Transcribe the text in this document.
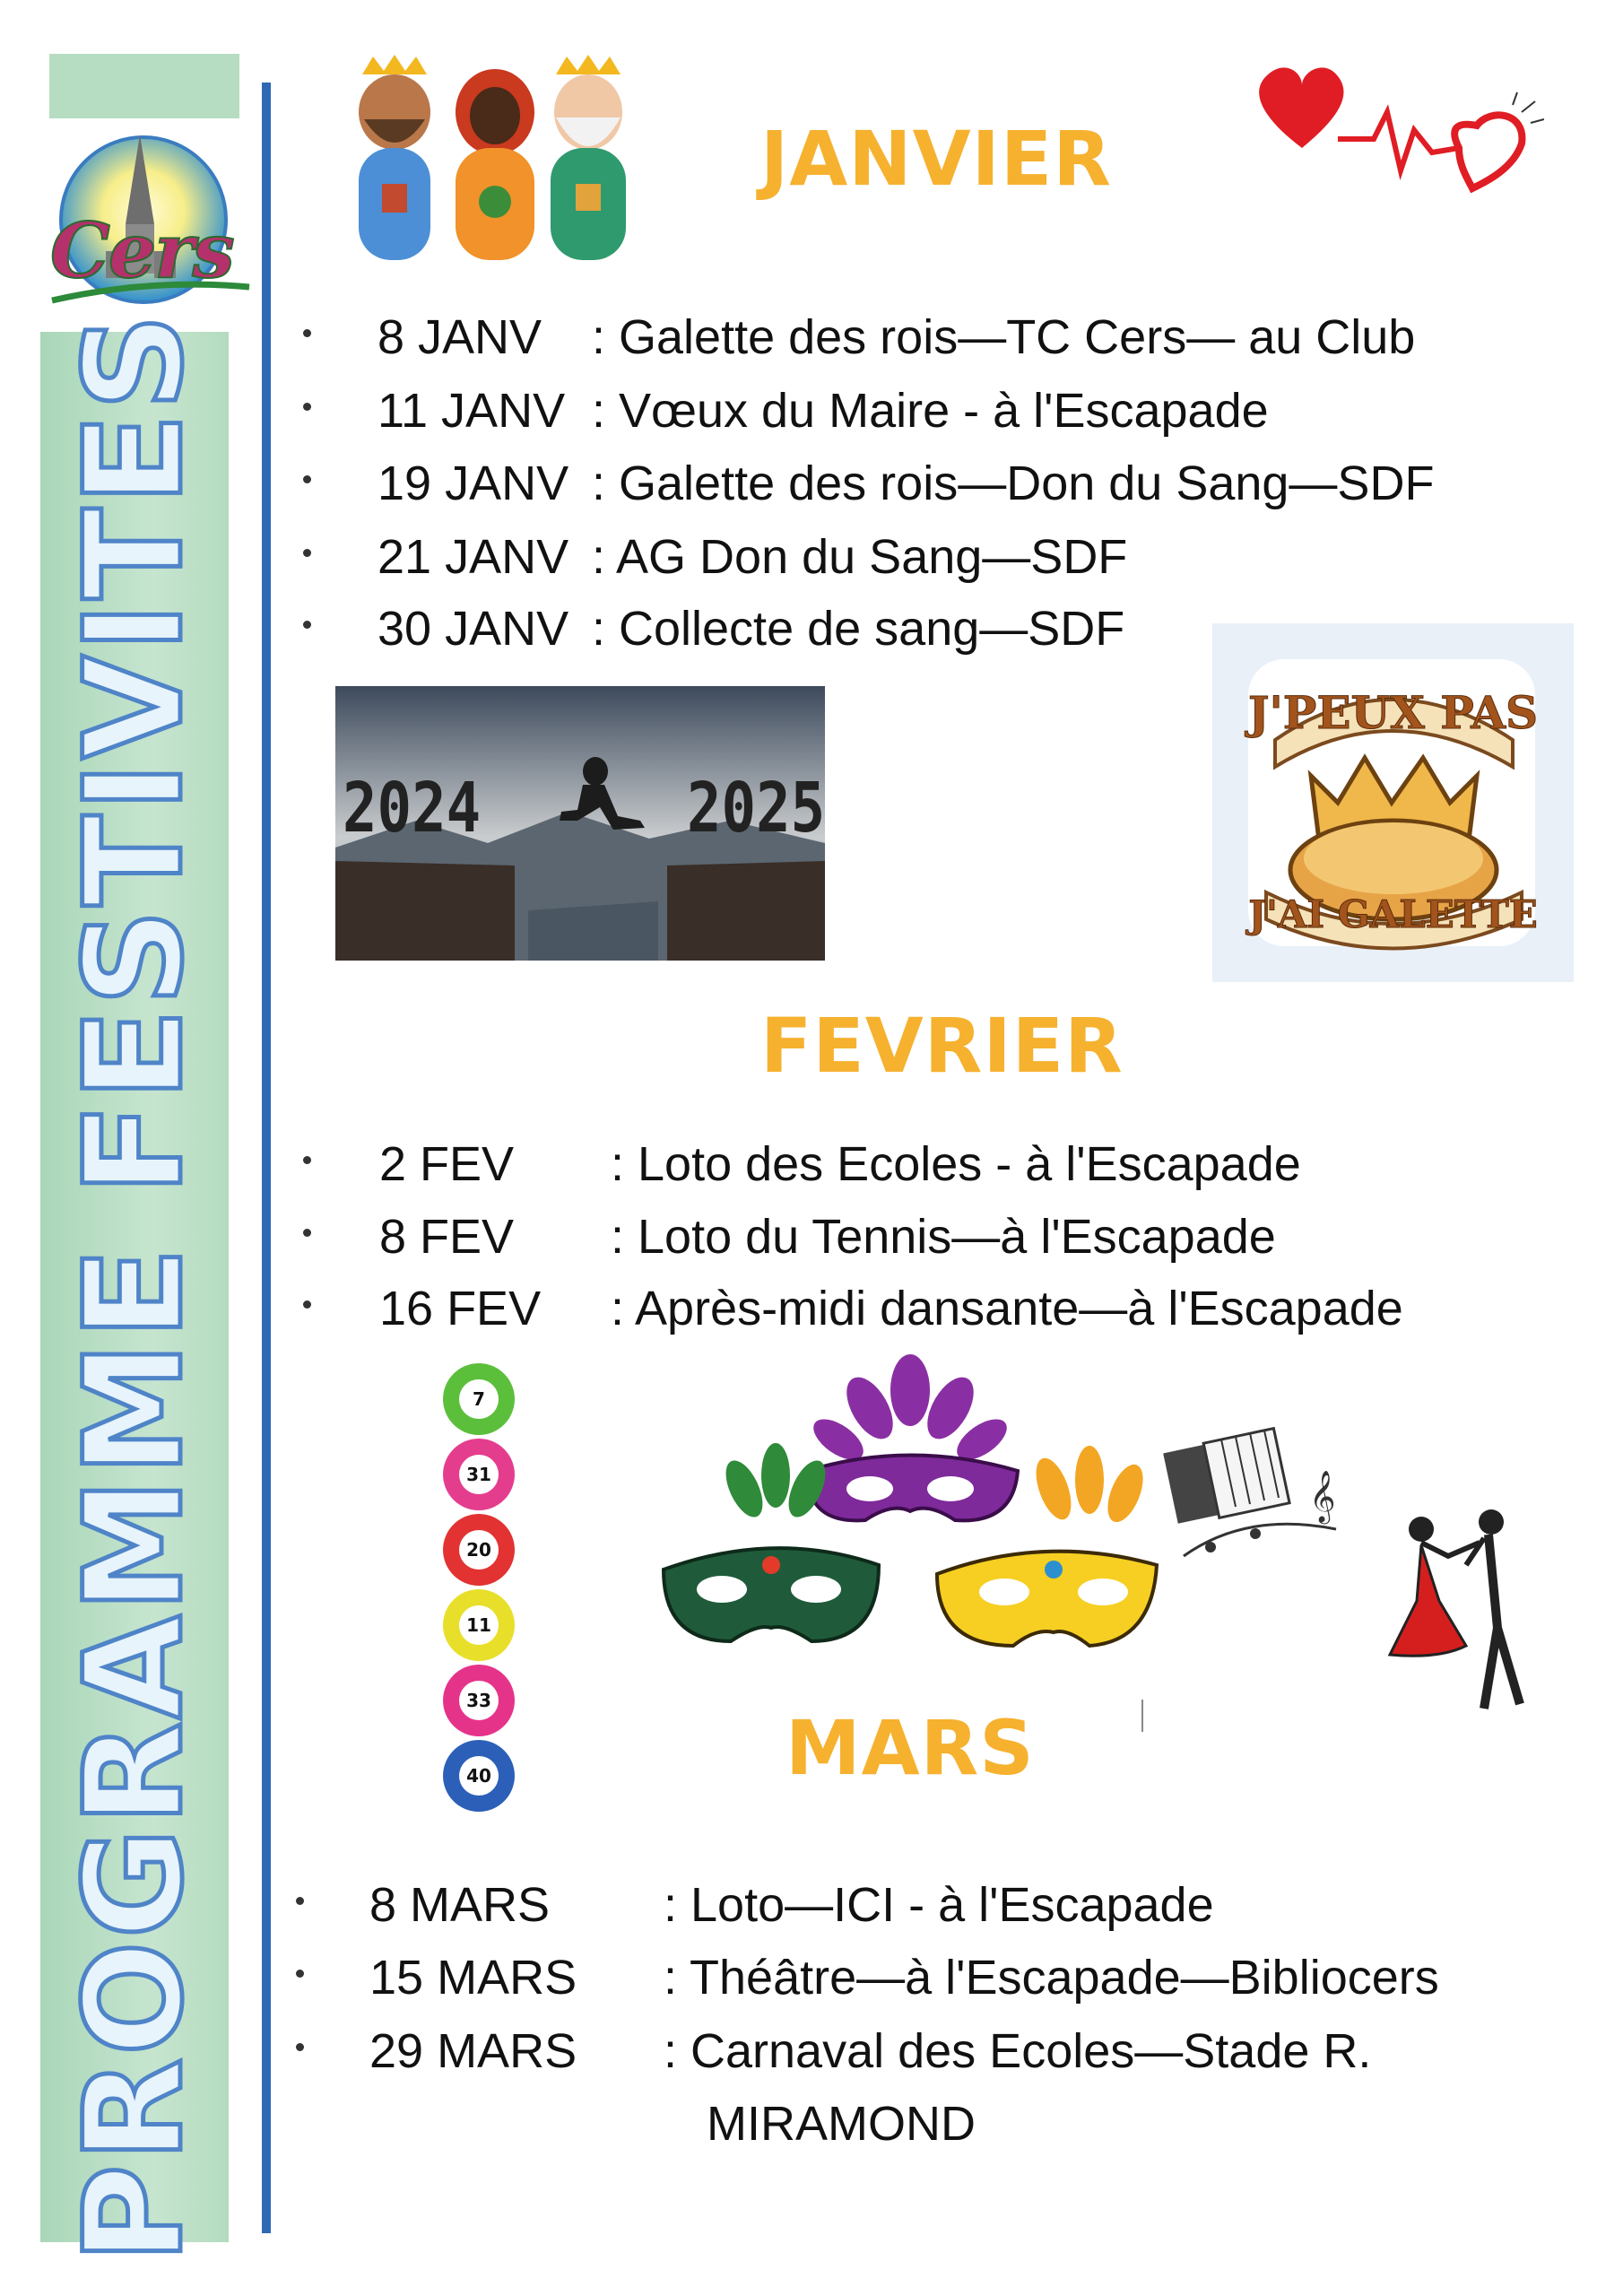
Cers
PROGRAMME FESTIVITES
JANVIER
8 JANV : Galette des rois—TC Cers— au Club
11 JANV : Vœux du Maire - à l'Escapade
19 JANV : Galette des rois—Don du Sang—SDF
21 JANV : AG Don du Sang—SDF
30 JANV : Collecte de sang—SDF
2024	2025
J'PEUX PAS
J'AI GALETTE
FEVRIER
2 FEV : Loto des Ecoles - à l'Escapade
8 FEV : Loto du Tennis—à l'Escapade
16 FEV : Après-midi dansante—à l'Escapade
7
31
20
11
33
40
𝄞
MARS
8 MARS : Loto—ICI - à l'Escapade
15 MARS : Théâtre—à l'Escapade—Bibliocers
29 MARS : Carnaval des Ecoles—Stade R.
MIRAMOND
